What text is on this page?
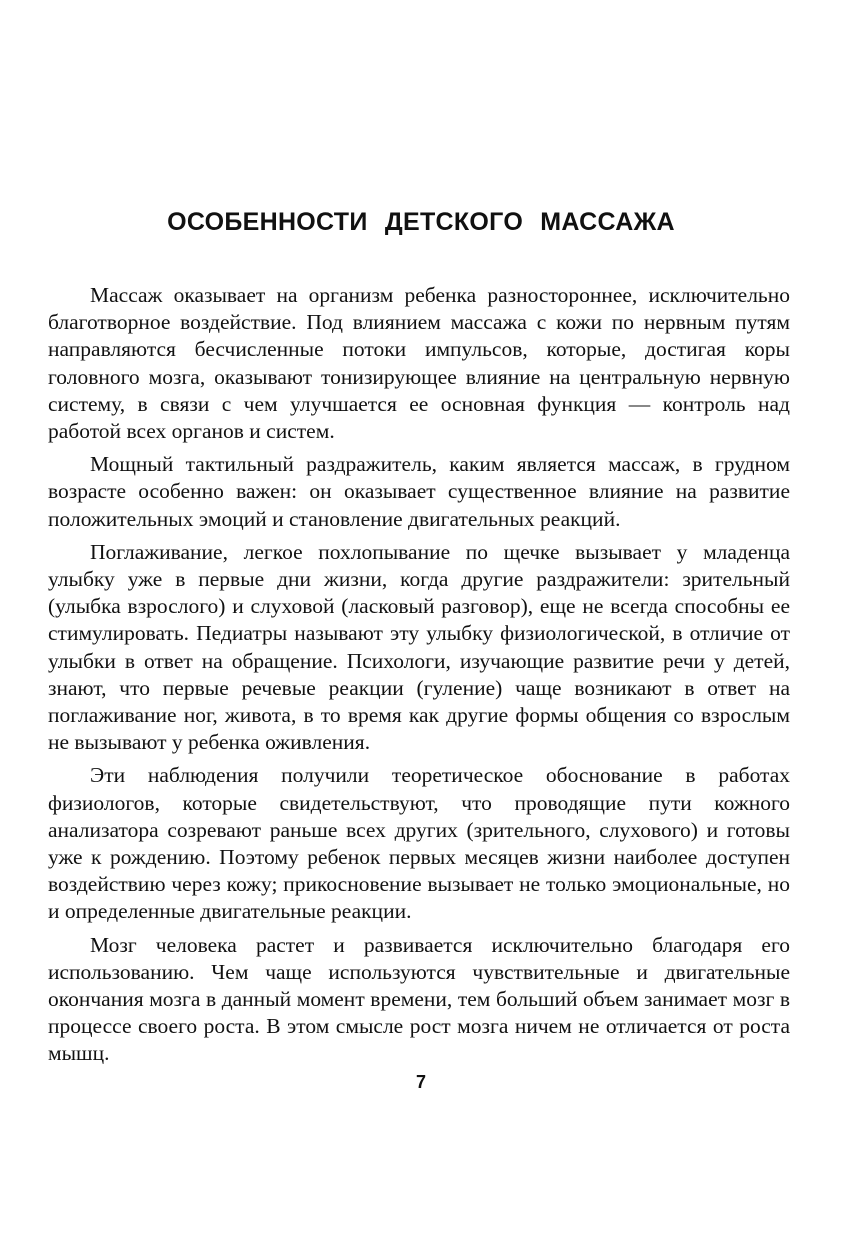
ОСОБЕННОСТИ ДЕТСКОГО МАССАЖА

Массаж оказывает на организм ребенка разностороннее, исключительно благотворное воздействие. Под влиянием массажа с кожи по нервным путям направляются бесчисленные потоки импульсов, которые, достигая коры головного мозга, оказывают тонизирующее влияние на центральную нервную систему, в связи с чем улучшается ее основная функция — контроль над работой всех органов и систем.

Мощный тактильный раздражитель, каким является массаж, в грудном возрасте особенно важен: он оказывает существенное влияние на развитие положительных эмоций и становление двигательных реакций.

Поглаживание, легкое похлопывание по щечке вызывает у младенца улыбку уже в первые дни жизни, когда другие раздражители: зрительный (улыбка взрослого) и слуховой (ласковый разговор), еще не всегда способны ее стимулировать. Педиатры называют эту улыбку физиологической, в отличие от улыбки в ответ на обращение. Психологи, изучающие развитие речи у детей, знают, что первые речевые реакции (гуление) чаще возникают в ответ на поглаживание ног, живота, в то время как другие формы общения со взрослым не вызывают у ребенка оживления.

Эти наблюдения получили теоретическое обоснование в работах физиологов, которые свидетельствуют, что проводящие пути кожного анализатора созревают раньше всех других (зрительного, слухового) и готовы уже к рождению. Поэтому ребенок первых месяцев жизни наиболее доступен воздействию через кожу; прикосновение вызывает не только эмоциональные, но и определенные двигательные реакции.

Мозг человека растет и развивается исключительно благодаря его использованию. Чем чаще используются чувствительные и двигательные окончания мозга в данный момент времени, тем больший объем занимает мозг в процессе своего роста. В этом смысле рост мозга ничем не отличается от роста мышц.

7
